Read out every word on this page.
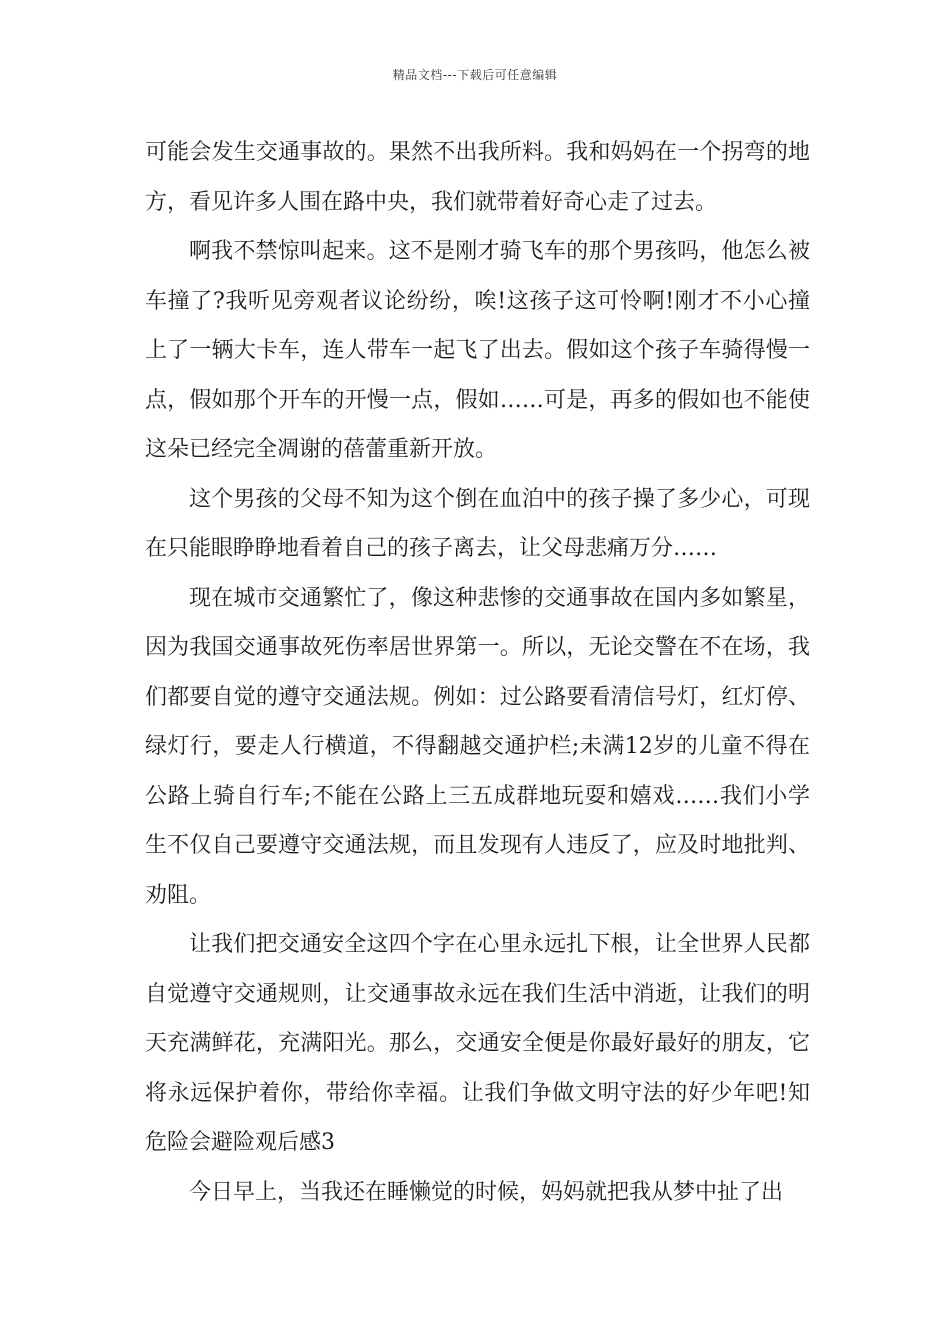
精品文档---下载后可任意编辑

可能会发生交通事故的。果然不出我所料。我和妈妈在一个拐弯的地方，看见许多人围在路中央，我们就带着好奇心走了过去。

啊我不禁惊叫起来。这不是刚才骑飞车的那个男孩吗，他怎么被车撞了?我听见旁观者议论纷纷，唉!这孩子这可怜啊!刚才不小心撞上了一辆大卡车，连人带车一起飞了出去。假如这个孩子车骑得慢一点，假如那个开车的开慢一点，假如……可是，再多的假如也不能使这朵已经完全凋谢的蓓蕾重新开放。

这个男孩的父母不知为这个倒在血泊中的孩子操了多少心，可现在只能眼睁睁地看着自己的孩子离去，让父母悲痛万分……

现在城市交通繁忙了，像这种悲惨的交通事故在国内多如繁星，因为我国交通事故死伤率居世界第一。所以，无论交警在不在场，我们都要自觉的遵守交通法规。例如：过公路要看清信号灯，红灯停、绿灯行，要走人行横道，不得翻越交通护栏;未满12岁的儿童不得在公路上骑自行车;不能在公路上三五成群地玩耍和嬉戏……我们小学生不仅自己要遵守交通法规，而且发现有人违反了，应及时地批判、劝阻。

让我们把交通安全这四个字在心里永远扎下根，让全世界人民都自觉遵守交通规则，让交通事故永远在我们生活中消逝，让我们的明天充满鲜花，充满阳光。那么，交通安全便是你最好最好的朋友，它将永远保护着你，带给你幸福。让我们争做文明守法的好少年吧!知危险会避险观后感3

今日早上，当我还在睡懒觉的时候，妈妈就把我从梦中扯了出
